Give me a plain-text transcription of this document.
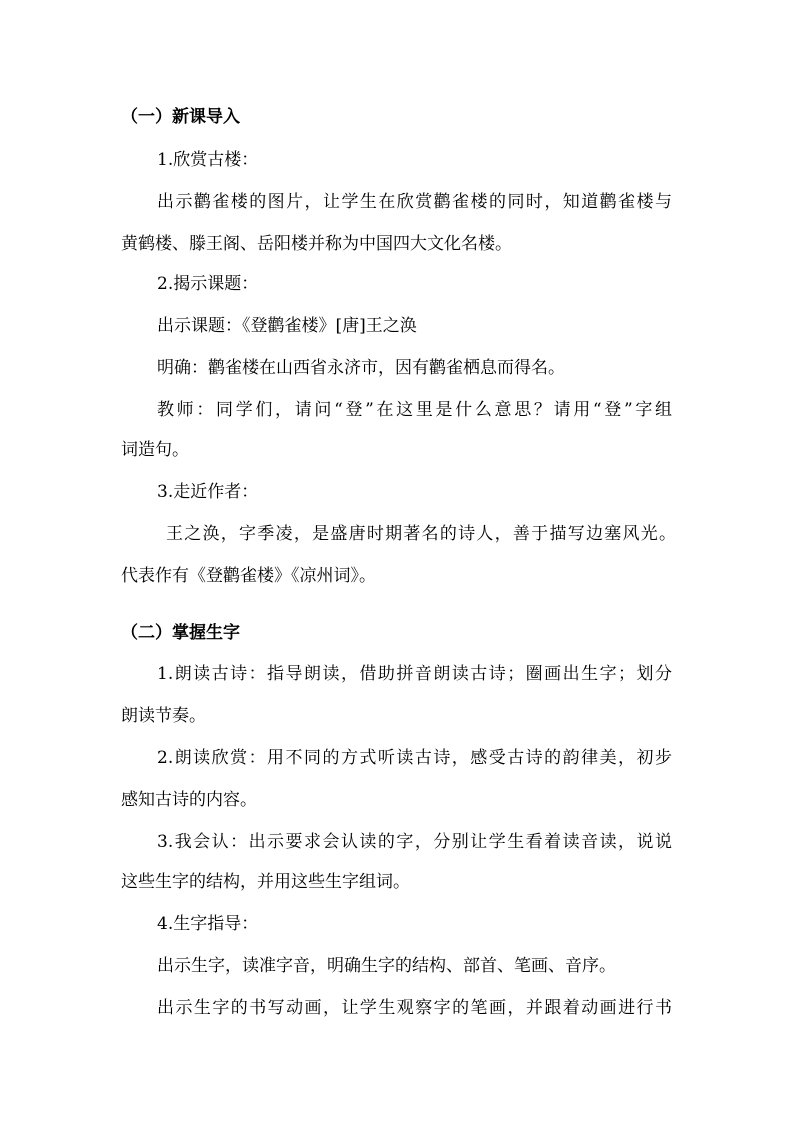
（一）新课导入
1.欣赏古楼：
出示鹳雀楼的图片，让学生在欣赏鹳雀楼的同时，知道鹳雀楼与
黄鹤楼、滕王阁、岳阳楼并称为中国四大文化名楼。
2.揭示课题：
出示课题：《登鹳雀楼》[唐]王之涣
明确：鹳雀楼在山西省永济市，因有鹳雀栖息而得名。
教师：同学们，请问“登”在这里是什么意思？请用“登”字组
词造句。
3.走近作者：
王之涣，字季凌，是盛唐时期著名的诗人，善于描写边塞风光。
代表作有《登鹳雀楼》《凉州词》。
（二）掌握生字
1.朗读古诗：指导朗读，借助拼音朗读古诗；圈画出生字；划分
朗读节奏。
2.朗读欣赏：用不同的方式听读古诗，感受古诗的韵律美，初步
感知古诗的内容。
3.我会认：出示要求会认读的字，分别让学生看着读音读，说说
这些生字的结构，并用这些生字组词。
4.生字指导：
出示生字，读准字音，明确生字的结构、部首、笔画、音序。
出示生字的书写动画，让学生观察字的笔画，并跟着动画进行书
